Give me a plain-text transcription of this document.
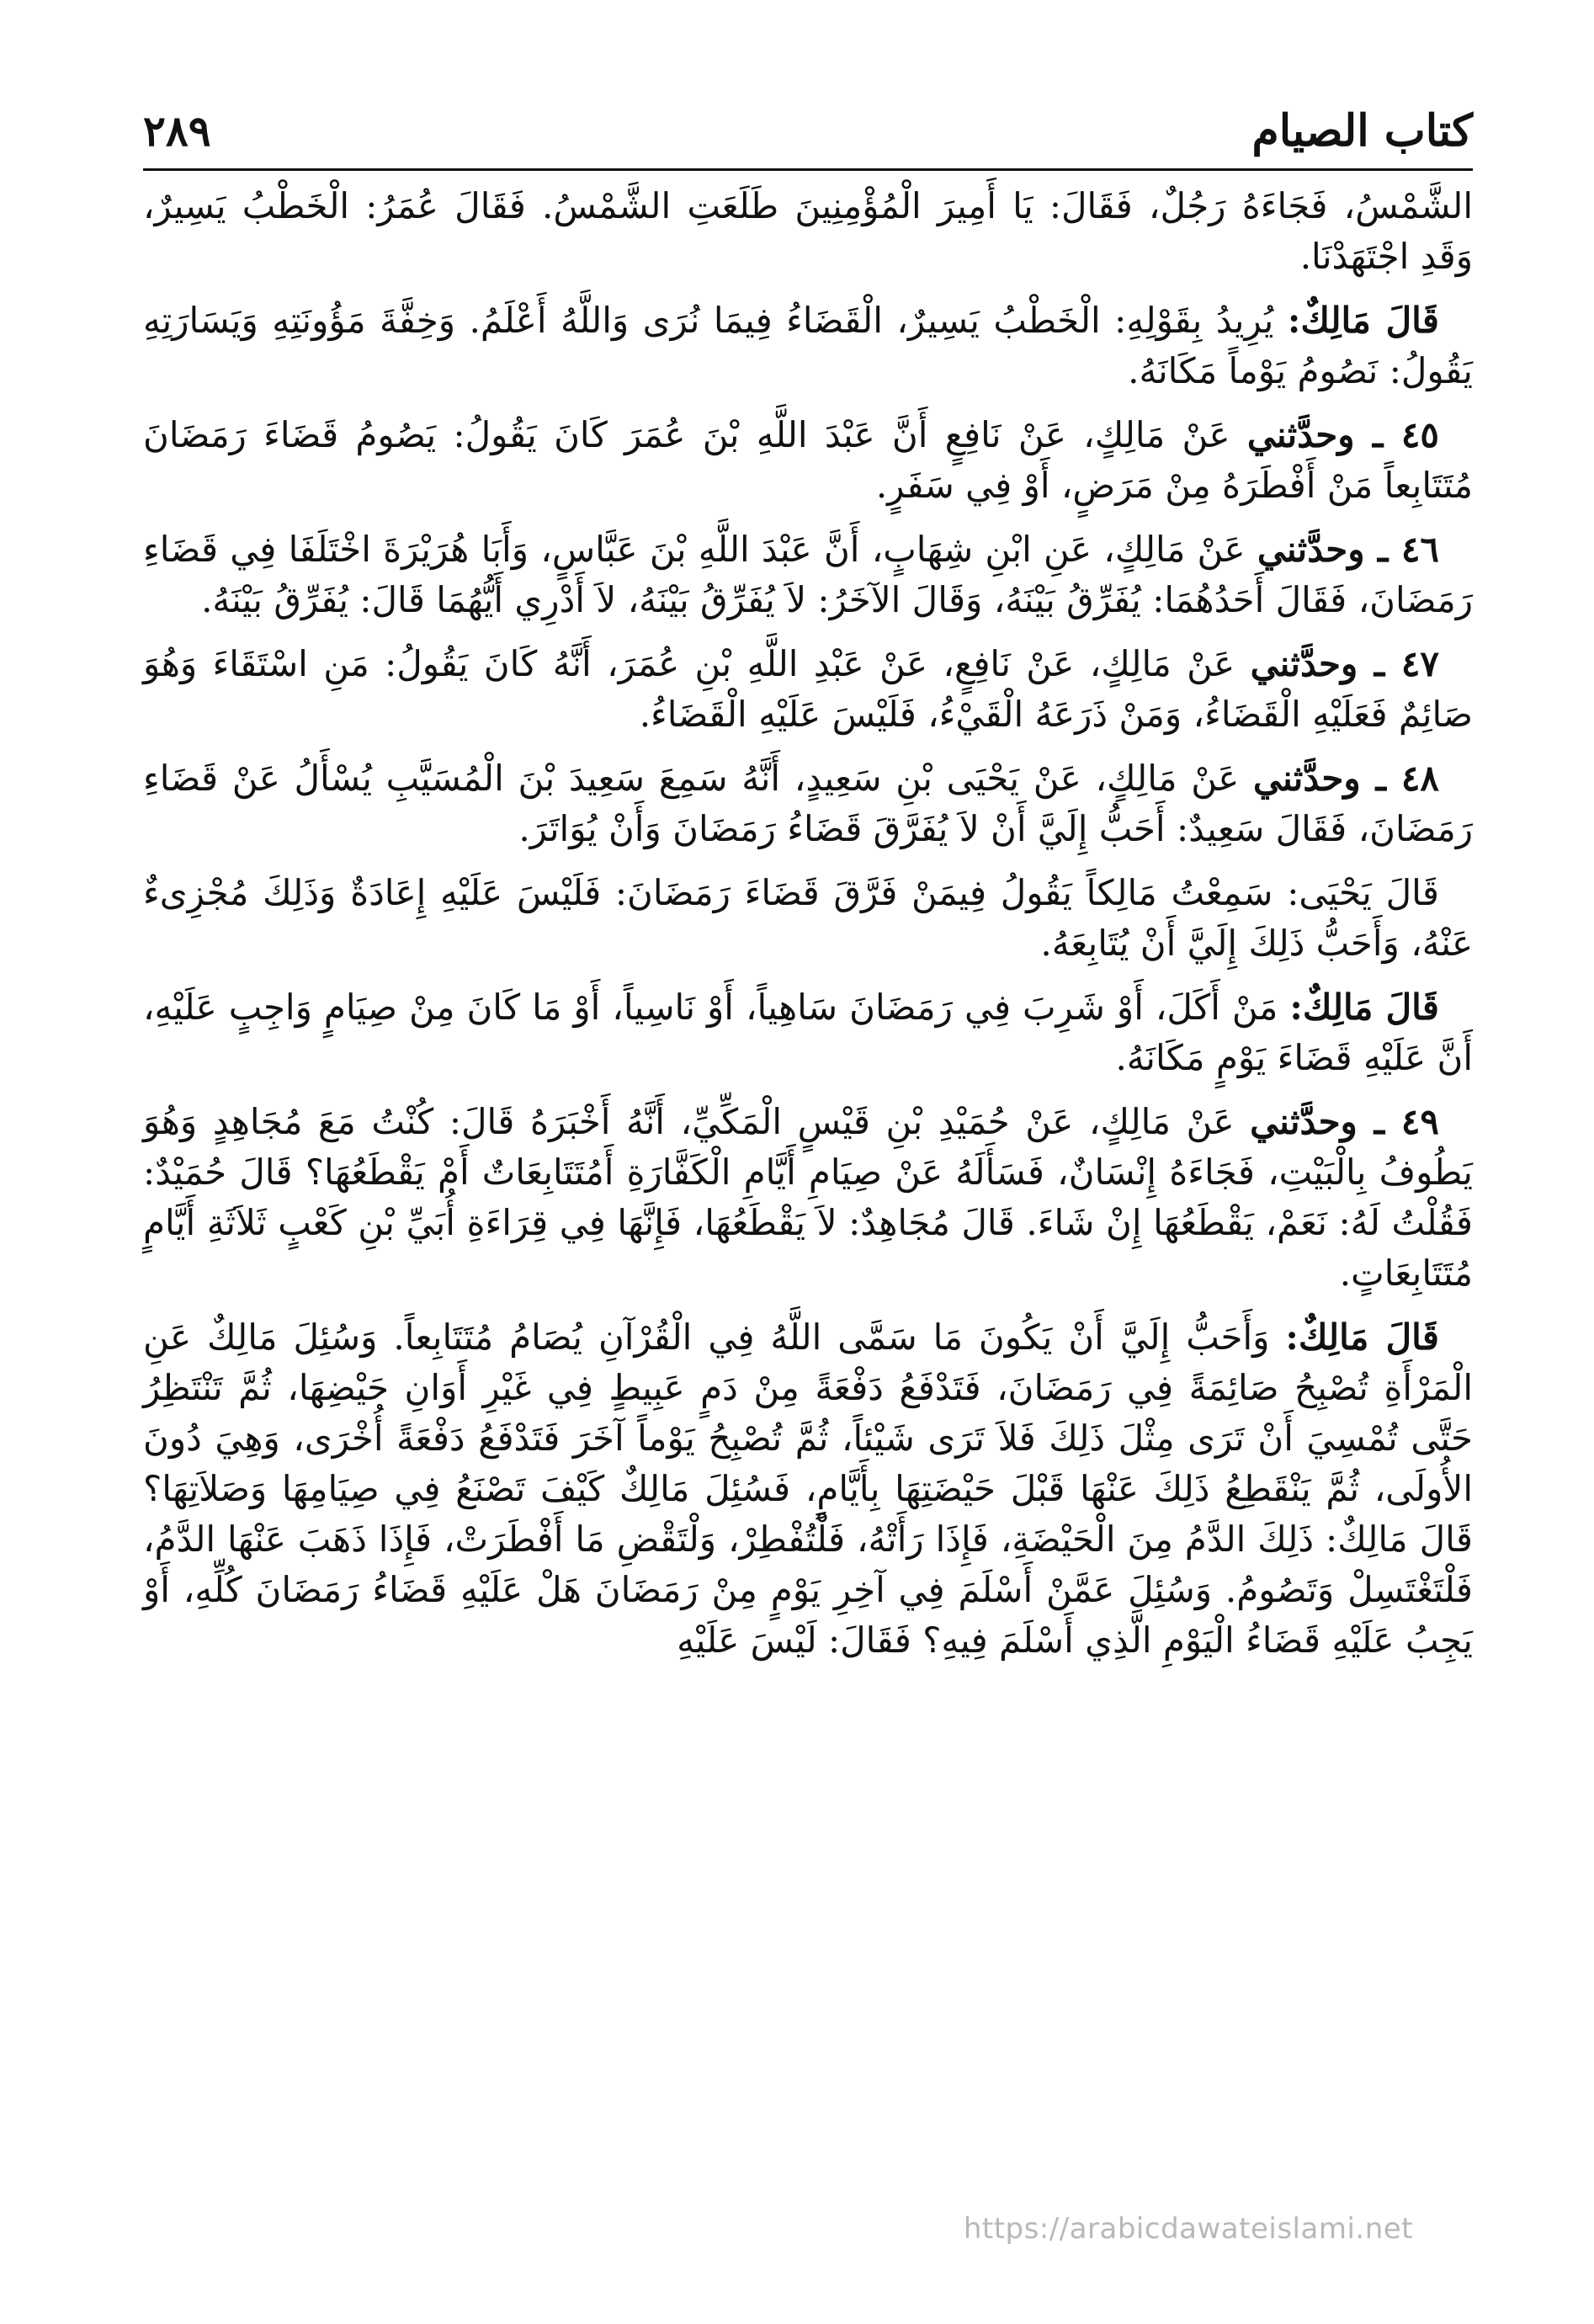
كتاب الصيام
٢٨٩

الشَّمْسُ، فَجَاءَهُ رَجُلٌ، فَقَالَ: يَا أَمِيرَ الْمُؤْمِنِينَ طَلَعَتِ الشَّمْسُ. فَقَالَ عُمَرُ: الْخَطْبُ يَسِيرٌ، وَقَدِ اجْتَهَدْنَا.

قَالَ مَالِكٌ: يُرِيدُ بِقَوْلِهِ: الْخَطْبُ يَسِيرٌ، الْقَضَاءُ فِيمَا نُرَى وَاللَّهُ أَعْلَمُ. وَخِفَّةَ مَؤُونَتِهِ وَيَسَارَتِهِ يَقُولُ: نَصُومُ يَوْماً مَكَانَهُ.

٤٥ ـ وحدَّثني عَنْ مَالِكٍ، عَنْ نَافِعٍ أَنَّ عَبْدَ اللَّهِ بْنَ عُمَرَ كَانَ يَقُولُ: يَصُومُ قَضَاءَ رَمَضَانَ مُتَتَابِعاً مَنْ أَفْطَرَهُ مِنْ مَرَضٍ، أَوْ فِي سَفَرٍ.

٤٦ ـ وحدَّثني عَنْ مَالِكٍ، عَنِ ابْنِ شِهَابٍ، أَنَّ عَبْدَ اللَّهِ بْنَ عَبَّاسٍ، وَأَبَا هُرَيْرَةَ اخْتَلَفَا فِي قَضَاءِ رَمَضَانَ، فَقَالَ أَحَدُهُمَا: يُفَرِّقُ بَيْنَهُ، وَقَالَ الآخَرُ: لاَ يُفَرِّقُ بَيْنَهُ، لاَ أَدْرِي أَيُّهُمَا قَالَ: يُفَرِّقُ بَيْنَهُ.

٤٧ ـ وحدَّثني عَنْ مَالِكٍ، عَنْ نَافِعٍ، عَنْ عَبْدِ اللَّهِ بْنِ عُمَرَ، أَنَّهُ كَانَ يَقُولُ: مَنِ اسْتَقَاءَ وَهُوَ صَائِمٌ فَعَلَيْهِ الْقَضَاءُ، وَمَنْ ذَرَعَهُ الْقَيْءُ، فَلَيْسَ عَلَيْهِ الْقَضَاءُ.

٤٨ ـ وحدَّثني عَنْ مَالِكٍ، عَنْ يَحْيَى بْنِ سَعِيدٍ، أَنَّهُ سَمِعَ سَعِيدَ بْنَ الْمُسَيَّبِ يُسْأَلُ عَنْ قَضَاءِ رَمَضَانَ، فَقَالَ سَعِيدٌ: أَحَبُّ إِلَيَّ أَنْ لاَ يُفَرَّقَ قَضَاءُ رَمَضَانَ وَأَنْ يُوَاتَرَ.

قَالَ يَحْيَى: سَمِعْتُ مَالِكاً يَقُولُ فِيمَنْ فَرَّقَ قَضَاءَ رَمَضَانَ: فَلَيْسَ عَلَيْهِ إِعَادَةٌ وَذَلِكَ مُجْزِىءٌ عَنْهُ، وَأَحَبُّ ذَلِكَ إِلَيَّ أَنْ يُتَابِعَهُ.

قَالَ مَالِكٌ: مَنْ أَكَلَ، أَوْ شَرِبَ فِي رَمَضَانَ سَاهِياً، أَوْ نَاسِياً، أَوْ مَا كَانَ مِنْ صِيَامٍ وَاجِبٍ عَلَيْهِ، أَنَّ عَلَيْهِ قَضَاءَ يَوْمٍ مَكَانَهُ.

٤٩ ـ وحدَّثني عَنْ مَالِكٍ، عَنْ حُمَيْدِ بْنِ قَيْسٍ الْمَكِّيِّ، أَنَّهُ أَخْبَرَهُ قَالَ: كُنْتُ مَعَ مُجَاهِدٍ وَهُوَ يَطُوفُ بِالْبَيْتِ، فَجَاءَهُ إِنْسَانٌ، فَسَأَلَهُ عَنْ صِيَامِ أَيَّامِ الْكَفَّارَةِ أَمُتَتَابِعَاتٌ أَمْ يَقْطَعُهَا؟ قَالَ حُمَيْدٌ: فَقُلْتُ لَهُ: نَعَمْ، يَقْطَعُهَا إِنْ شَاءَ. قَالَ مُجَاهِدٌ: لاَ يَقْطَعُهَا، فَإِنَّهَا فِي قِرَاءَةِ أُبَيِّ بْنِ كَعْبٍ ثَلاَثَةِ أَيَّامٍ مُتَتَابِعَاتٍ.

قَالَ مَالِكٌ: وَأَحَبُّ إِلَيَّ أَنْ يَكُونَ مَا سَمَّى اللَّهُ فِي الْقُرْآنِ يُصَامُ مُتَتَابِعاً. وَسُئِلَ مَالِكٌ عَنِ الْمَرْأَةِ تُصْبِحُ صَائِمَةً فِي رَمَضَانَ، فَتَدْفَعُ دَفْعَةً مِنْ دَمٍ عَبِيطٍ فِي غَيْرِ أَوَانِ حَيْضِهَا، ثُمَّ تَنْتَظِرُ حَتَّى تُمْسِيَ أَنْ تَرَى مِثْلَ ذَلِكَ فَلاَ تَرَى شَيْئاً، ثُمَّ تُصْبِحُ يَوْماً آخَرَ فَتَدْفَعُ دَفْعَةً أُخْرَى، وَهِيَ دُونَ الأُولَى، ثُمَّ يَنْقَطِعُ ذَلِكَ عَنْهَا قَبْلَ حَيْضَتِهَا بِأَيَّامٍ، فَسُئِلَ مَالِكٌ كَيْفَ تَصْنَعُ فِي صِيَامِهَا وَصَلاَتِهَا؟ قَالَ مَالِكٌ: ذَلِكَ الدَّمُ مِنَ الْحَيْضَةِ، فَإِذَا رَأَتْهُ، فَلْتُفْطِرْ، وَلْتَقْضِ مَا أَفْطَرَتْ، فَإِذَا ذَهَبَ عَنْهَا الدَّمُ، فَلْتَغْتَسِلْ وَتَصُومُ. وَسُئِلَ عَمَّنْ أَسْلَمَ فِي آخِرِ يَوْمٍ مِنْ رَمَضَانَ هَلْ عَلَيْهِ قَضَاءُ رَمَضَانَ كُلِّهِ، أَوْ يَجِبُ عَلَيْهِ قَضَاءُ الْيَوْمِ الَّذِي أَسْلَمَ فِيهِ؟ فَقَالَ: لَيْسَ عَلَيْهِ

https://arabicdawateislami.net
